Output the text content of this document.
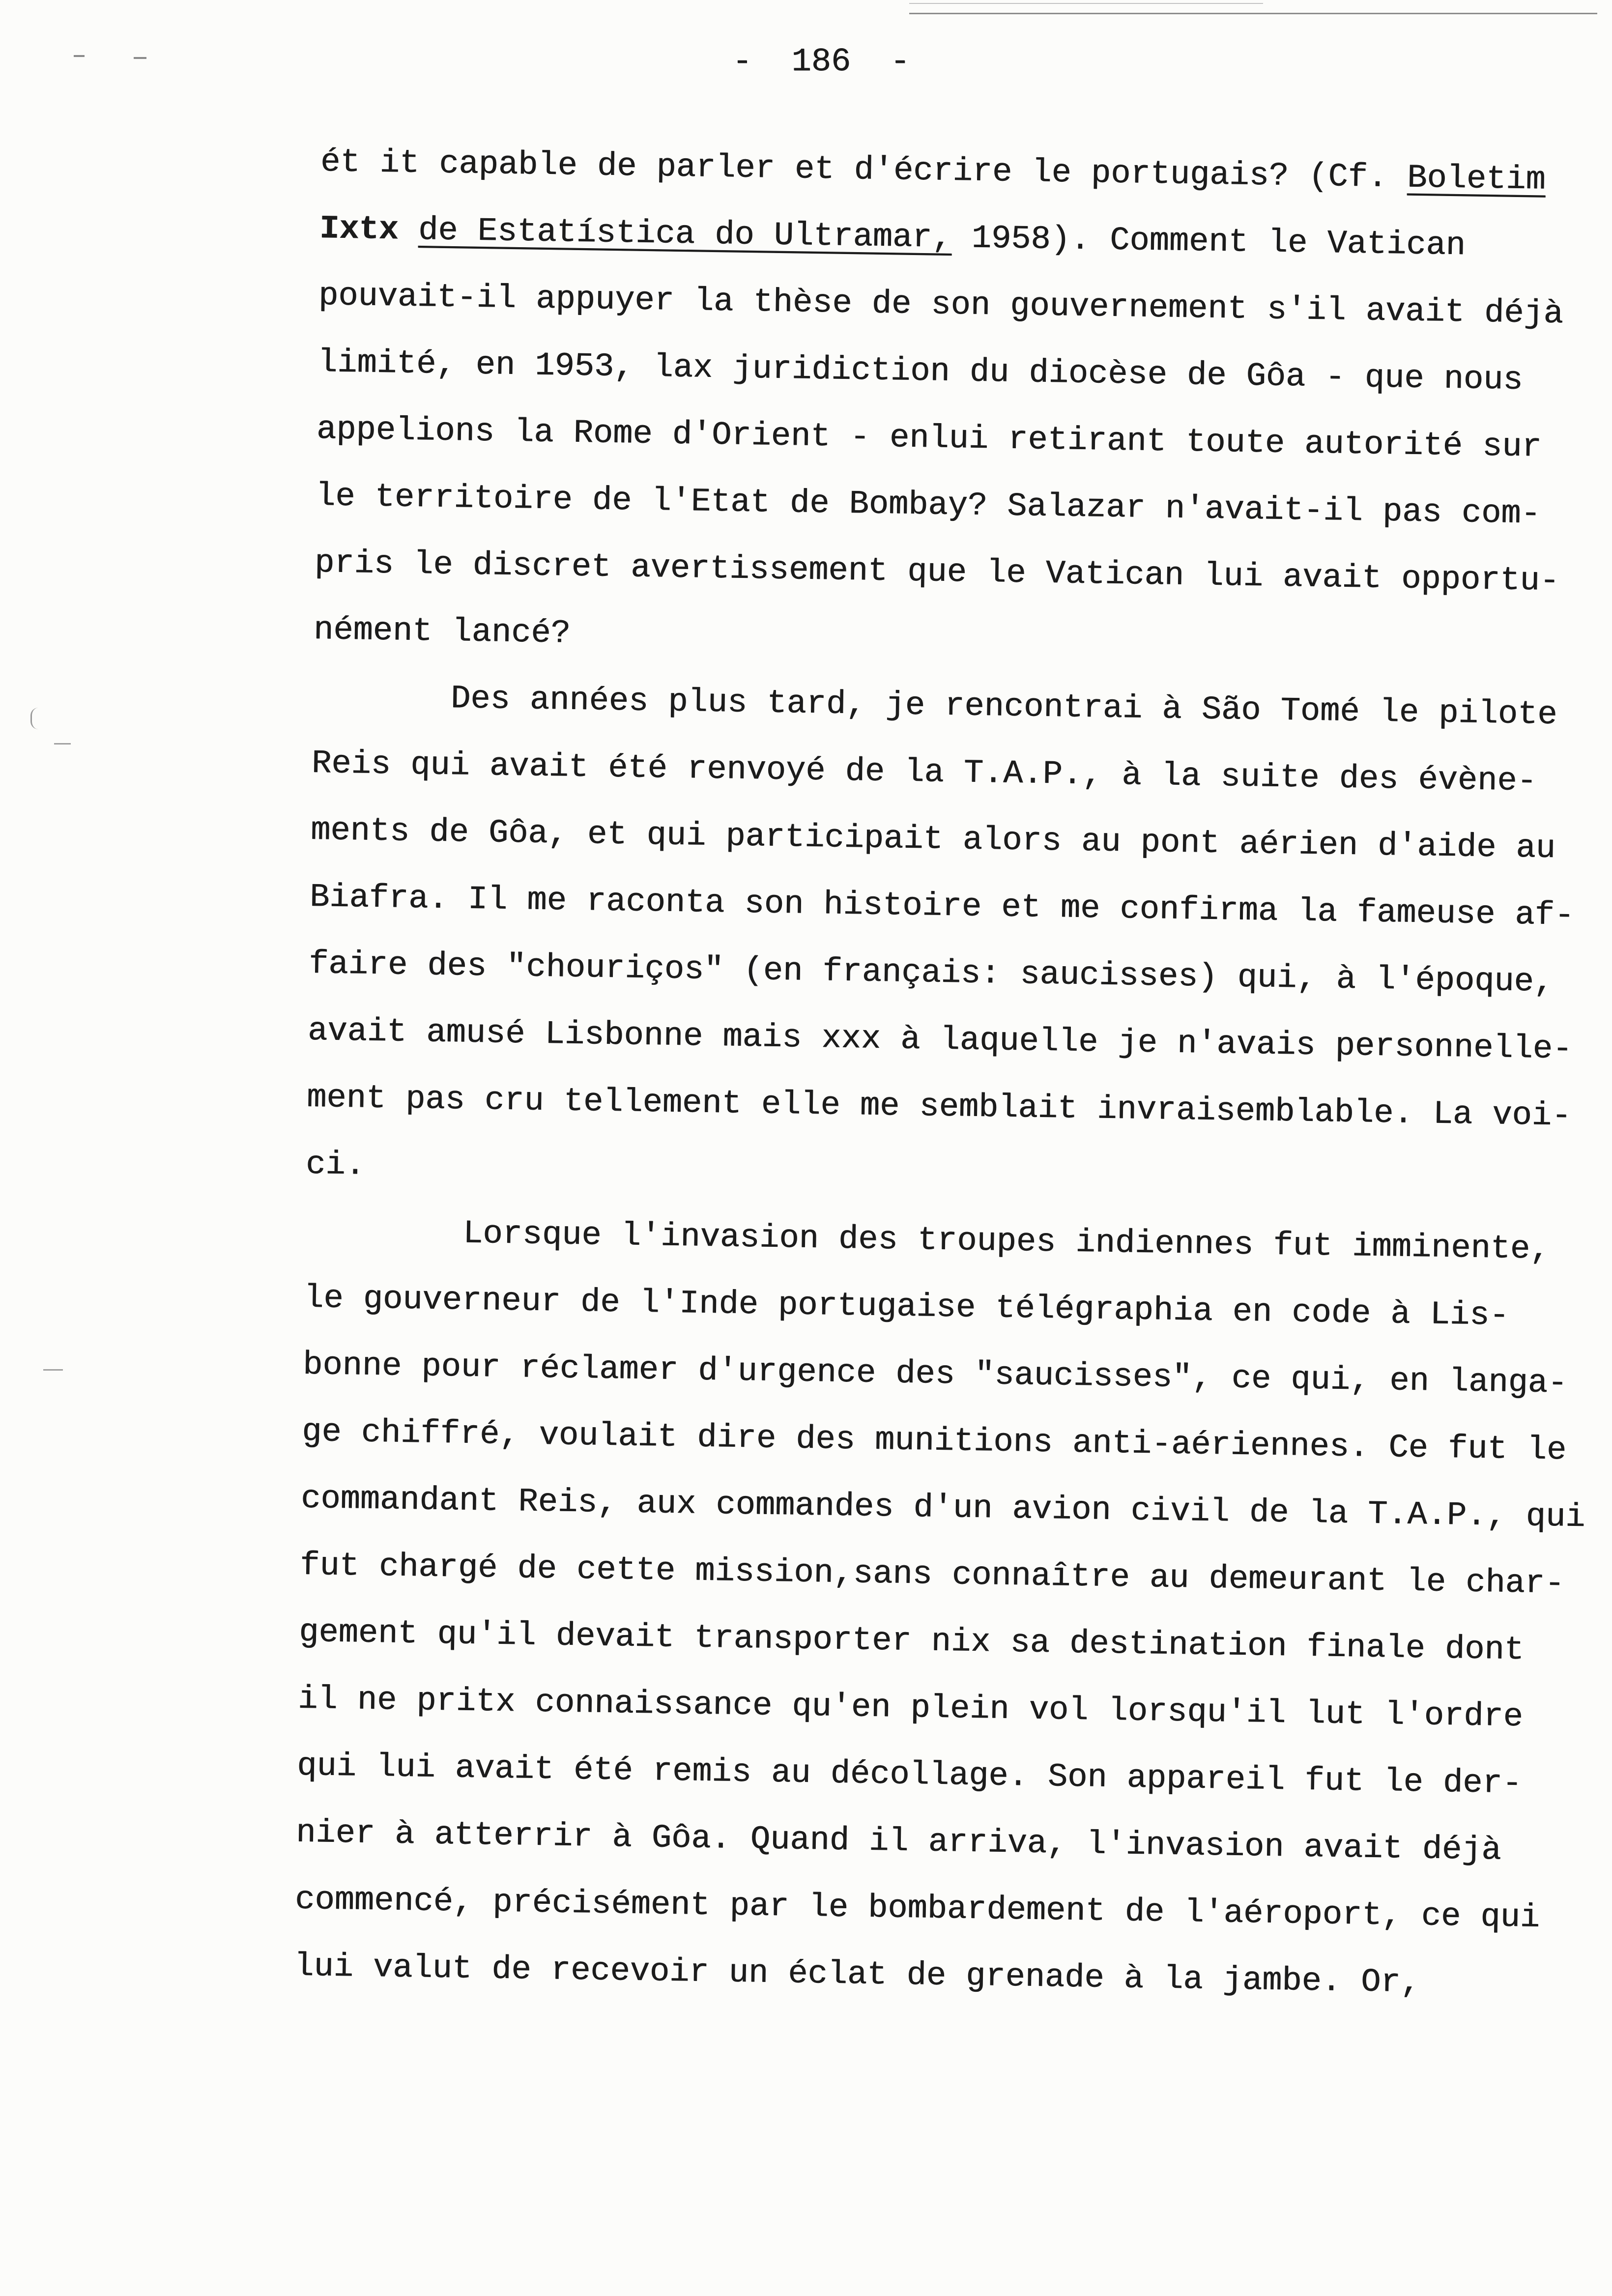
- 186 -
ét it capable de parler et d'écrire le portugais? (Cf. Boletim
Ixtx de Estatística do Ultramar, 1958). Comment le Vatican
pouvait-il appuyer la thèse de son gouvernement s'il avait déjà
limité, en 1953, lax juridiction du diocèse de Gôa - que nous
appelions la Rome d'Orient - enlui retirant toute autorité sur
le territoire de l'Etat de Bombay? Salazar n'avait-il pas com-
pris le discret avertissement que le Vatican lui avait opportu-
nément lancé?
Des années plus tard, je rencontrai à São Tomé le pilote
Reis qui avait été renvoyé de la T.A.P., à la suite des évène-
ments de Gôa, et qui participait alors au pont aérien d'aide au
Biafra. Il me raconta son histoire et me confirma la fameuse af-
faire des "chouriços" (en français: saucisses) qui, à l'époque,
avait amusé Lisbonne mais xxx à laquelle je n'avais personnelle-
ment pas cru tellement elle me semblait invraisemblable. La voi-
ci.
Lorsque l'invasion des troupes indiennes fut imminente,
le gouverneur de l'Inde portugaise télégraphia en code à Lis-
bonne pour réclamer d'urgence des "saucisses", ce qui, en langa-
ge chiffré, voulait dire des munitions anti-aériennes. Ce fut le
commandant Reis, aux commandes d'un avion civil de la T.A.P., qui
fut chargé de cette mission,sans connaître au demeurant le char-
gement qu'il devait transporter nix sa destination finale dont
il ne pritx connaissance qu'en plein vol lorsqu'il lut l'ordre
qui lui avait été remis au décollage. Son appareil fut le der-
nier à atterrir à Gôa. Quand il arriva, l'invasion avait déjà
commencé, précisément par le bombardement de l'aéroport, ce qui
lui valut de recevoir un éclat de grenade à la jambe. Or,
